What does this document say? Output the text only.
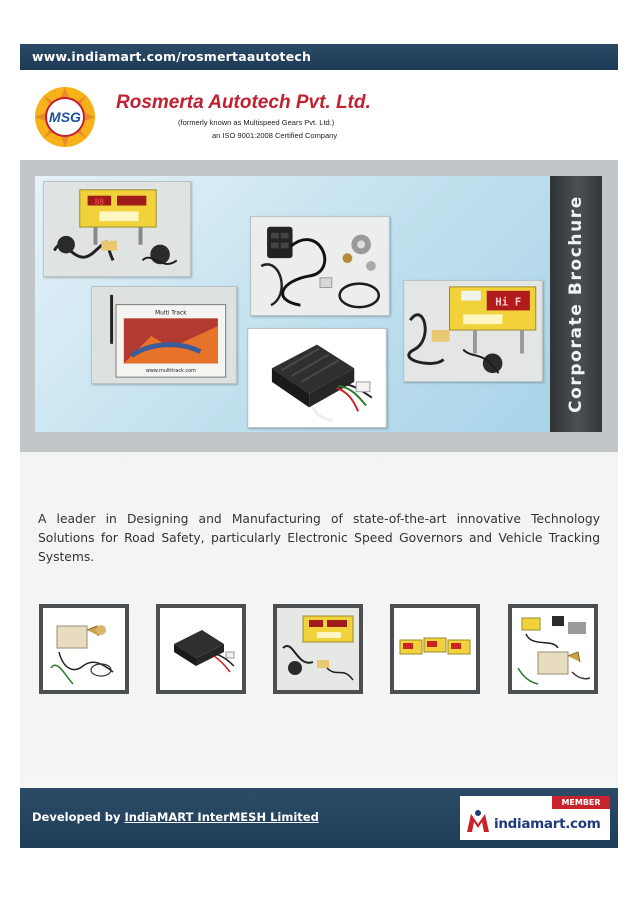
www.indiamart.com/rosmertaautotech
MSG
Rosmerta Autotech Pvt. Ltd.
(formerly known as Multispeed Gears Pvt. Ltd.)
an ISO 9001:2008 Certified Company
88
Multi Track
www.multitrack.com
Hi F	Corporate Brochure

A leader in Designing and Manufacturing of state-of-the-art innovative Technology Solutions for Road Safety, particularly Electronic Speed Governors and Vehicle Tracking Systems.

Developed by IndiaMART InterMESH Limited
MEMBER
indiamart.com
